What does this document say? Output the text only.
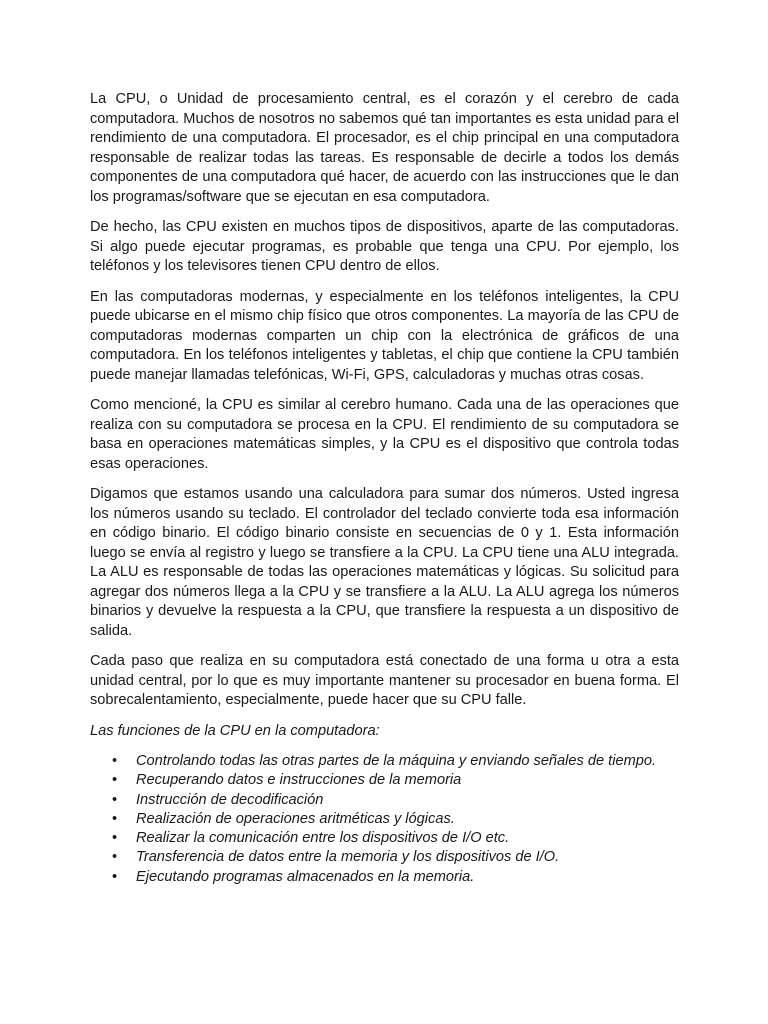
La CPU, o Unidad de procesamiento central, es el corazón y el cerebro de cada computadora. Muchos de nosotros no sabemos qué tan importantes es esta unidad para el rendimiento de una computadora. El procesador, es el chip principal en una computadora responsable de realizar todas las tareas. Es responsable de decirle a todos los demás componentes de una computadora qué hacer, de acuerdo con las instrucciones que le dan los programas/software que se ejecutan en esa computadora.

De hecho, las CPU existen en muchos tipos de dispositivos, aparte de las computadoras. Si algo puede ejecutar programas, es probable que tenga una CPU. Por ejemplo, los teléfonos y los televisores tienen CPU dentro de ellos.

En las computadoras modernas, y especialmente en los teléfonos inteligentes, la CPU puede ubicarse en el mismo chip físico que otros componentes. La mayoría de las CPU de computadoras modernas comparten un chip con la electrónica de gráficos de una computadora. En los teléfonos inteligentes y tabletas, el chip que contiene la CPU también puede manejar llamadas telefónicas, Wi-Fi, GPS, calculadoras y muchas otras cosas.

Como mencioné, la CPU es similar al cerebro humano. Cada una de las operaciones que realiza con su computadora se procesa en la CPU. El rendimiento de su computadora se basa en operaciones matemáticas simples, y la CPU es el dispositivo que controla todas esas operaciones.

Digamos que estamos usando una calculadora para sumar dos números. Usted ingresa los números usando su teclado. El controlador del teclado convierte toda esa información en código binario. El código binario consiste en secuencias de 0 y 1. Esta información luego se envía al registro y luego se transfiere a la CPU. La CPU tiene una ALU integrada. La ALU es responsable de todas las operaciones matemáticas y lógicas. Su solicitud para agregar dos números llega a la CPU y se transfiere a la ALU. La ALU agrega los números binarios y devuelve la respuesta a la CPU, que transfiere la respuesta a un dispositivo de salida.

Cada paso que realiza en su computadora está conectado de una forma u otra a esta unidad central, por lo que es muy importante mantener su procesador en buena forma. El sobrecalentamiento, especialmente, puede hacer que su CPU falle.

Las funciones de la CPU en la computadora:

• Controlando todas las otras partes de la máquina y enviando señales de tiempo.
• Recuperando datos e instrucciones de la memoria
• Instrucción de decodificación
• Realización de operaciones aritméticas y lógicas.
• Realizar la comunicación entre los dispositivos de I/O etc.
• Transferencia de datos entre la memoria y los dispositivos de I/O.
• Ejecutando programas almacenados en la memoria.
